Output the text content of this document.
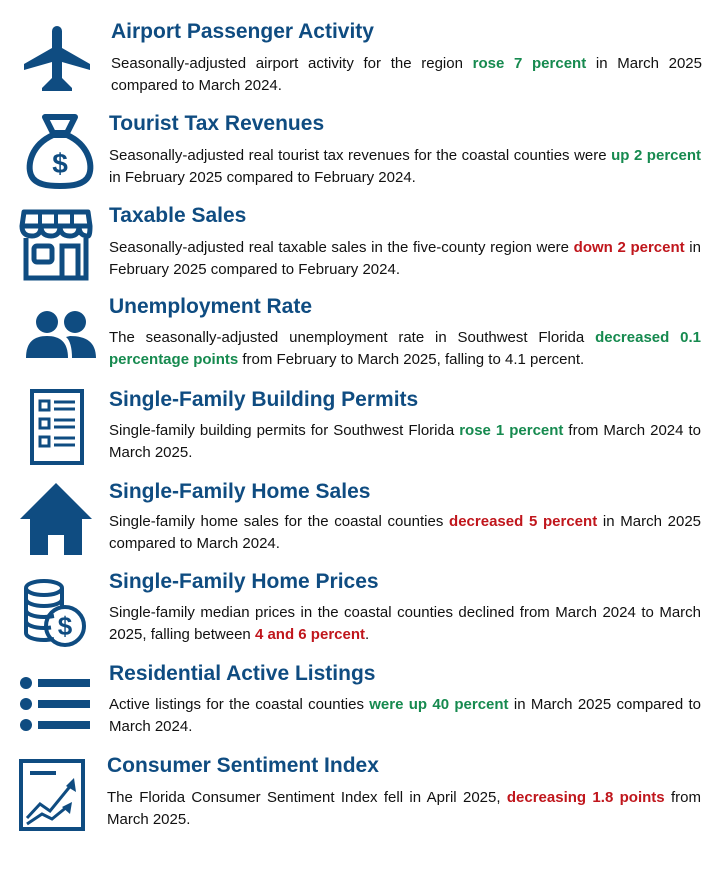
Airport Passenger Activity
Seasonally-adjusted airport activity for the region rose 7 percent in March 2025 compared to March 2024.
$
Tourist Tax Revenues
Seasonally-adjusted real tourist tax revenues for the coastal counties were up 2 percent in February 2025 compared to February 2024.
Taxable Sales
Seasonally-adjusted real taxable sales in the five-county region were down 2 percent in February 2025 compared to February 2024.
Unemployment Rate
The seasonally-adjusted unemployment rate in Southwest Florida decreased 0.1 percentage points from February to March 2025, falling to 4.1 percent.
Single-Family Building Permits
Single-family building permits for Southwest Florida rose 1 percent from March 2024 to March 2025.
Single-Family Home Sales
Single-family home sales for the coastal counties decreased 5 percent in March 2025 compared to March 2024.
$
Single-Family Home Prices
Single-family median prices in the coastal counties declined from March 2024 to March 2025, falling between 4 and 6 percent.
Residential Active Listings
Active listings for the coastal counties were up 40 percent in March 2025 compared to March 2024.
Consumer Sentiment Index
The Florida Consumer Sentiment Index fell in April 2025, decreasing 1.8 points from March 2025.
